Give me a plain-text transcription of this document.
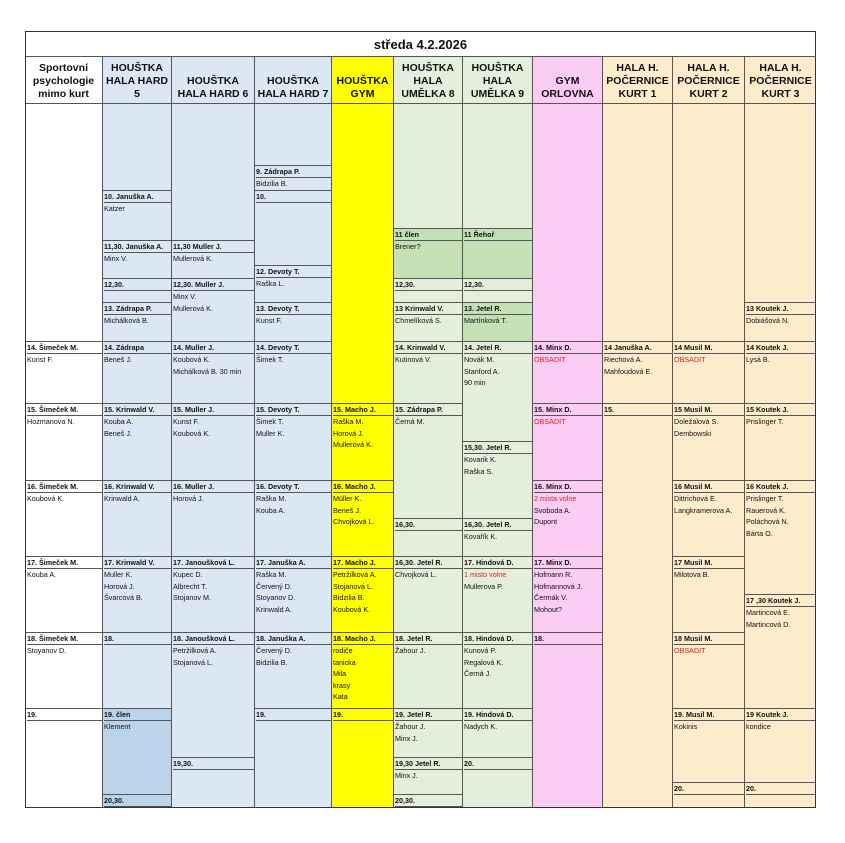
středa 4.2.2026
Sportovní
psychologie
mimo kurt
HOUŠTKA
HALA HARD
5
HOUŠTKA
HALA HARD 6
HOUŠTKA
HALA HARD 7
HOUŠTKA
GYM
HOUŠTKA
HALA
UMĚLKA 8
HOUŠTKA
HALA
UMĚLKA 9
GYM
ORLOVNA
HALA H.
POČERNICE
KURT 1
HALA H.
POČERNICE
KURT 2
HALA H.
POČERNICE
KURT 3
14. Šimeček M.
Kunst F.
15. Šimeček M.
Hozmanova N.
16. Šimeček M.
Koubová K.
17. Šimeček M.
Kouba A.
18. Šimeček M.
Stoyanov D.
19.
10. Januška A.
Katzer
11,30. Januška A.
Minx V.
12,30.
13. Zádrapa P.
Michálková B.
14. Zádrapa
Beneš J.
15. Krinwald V.
Kouba A.
Beneš J.
16. Krinwald V.
Krinwald A.
17. Krinwald V.
Muller K.
Horová J.
Švarcová B.
18.
19. člen
Klement
20,30.
11,30 Muller J.
Mullerová K.
12,30. Muller J.
Minx V.
Mullerová K.
14. Muller J.
Koubová K.
Michálková B. 30 min
15. Muller J.
Kunst F.
Koubová K.
16. Muller J.
Horová J.
17. Janoušková L.
Kupec D.
Albrecht T.
Stojanov M.
18. Janoušková L.
Petržilková A.
Stojanová L.
19,30.
9. Zádrapa P.
Bidzilia B.
10.
12. Devoty T.
Raška L.
13. Devoty T.
Kunst F.
14. Devoty T.
Šimek T.
15. Devoty T.
Šimek T.
Muller K.
16. Devoty T.
Raška M.
Kouba A.
17. Januška A.
Raška M.
Červený D.
Stoyanov D.
Krinwald A.
18. Januška A.
Červený D.
Bidzilia B.
19.
15. Macho J.
Raška M.
Horová J.
Mullerová K.
16. Macho J.
Müller K.
Beneš J.
Chvojková L.
17. Macho J.
Petržilková A.
Stojanová L.
Bidzilia B.
Koubová K.
18. Macho J.
rodiče
tanicka
Mila
krasy
Kata
19.
11 člen
Brener?
12,30.
13 Krinwald V.
Chmelíková S.
14. Krinwald V.
Kutinová V.
15. Zádrapa P.
Černá M.
16,30.
16,30. Jetel R.
Chvojková L.
18. Jetel R.
Žahour J.
19. Jetel R.
Žahour J.
Minx J.
19,30 Jetel R.
Minx J.
20,30.
11 Řehoř
12,30.
13. Jetel R.
Martínková T.
14. Jetel R.
Novák M.
Stanford A.
90 min
15,30. Jetel R.
Kovarik K.
Raška S.
16,30. Jetel R.
Kovařík K.
17. Hindová D.
1 misto volne
Mullerova P.
18. Hindová D.
Kunová P.
Regalová K.
Černá J.
19. Hindová D.
Nadych K.
20.
14. Minx D.
OBSADIT
15. Minx D.
OBSADIT
16. Minx D.
2 mista volne
Svoboda A.
Dupont
17. Minx D.
Hofmann R.
Hofmannová J.
Čermák V.
Mohout?
18.
14 Januška A.
Riechová A.
Mahfoudová E.
15.
14 Musil M.
OBSADIT
15 Musil M.
Doležalová S.
Dembowski
16 Musil M.
Dittrichová E.
Langkramerova A.
17 Musil M.
Milotova B.
18 Musil M.
OBSADIT
19. Musil M.
Kokinis
20.
13 Koutek J.
Dobiášová N.
14 Koutek J.
Lysá B.
15 Koutek J.
Prislinger T.
16 Koutek J.
Prislinger T.
Rauerová K.
Poláchová N.
Bárta O.
17 ,30 Koutek J.
Martincová E.
Martincová D.
19 Koutek J.
kondice
20.
